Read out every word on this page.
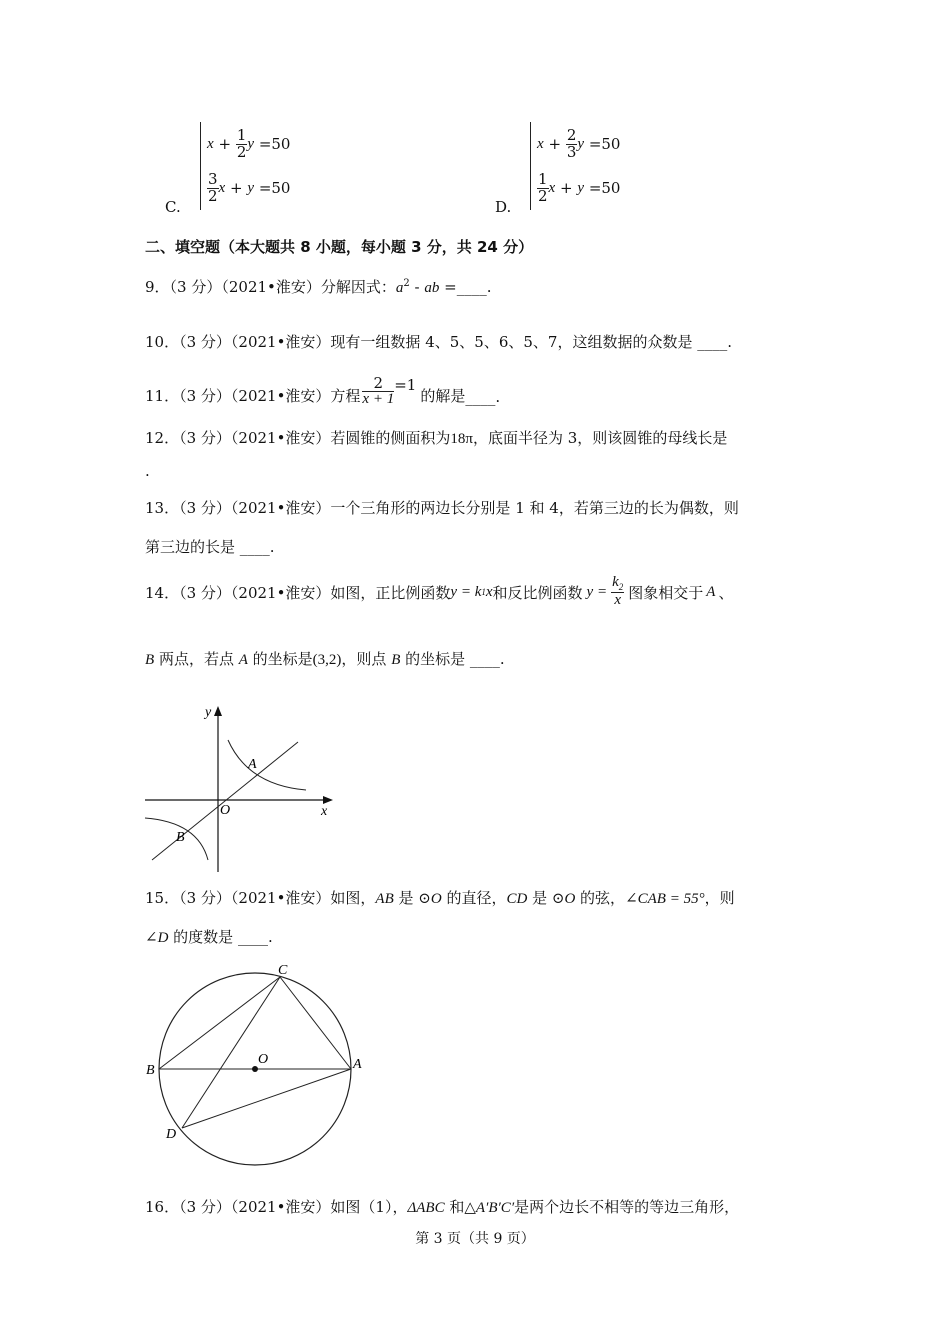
C.
x
+
$\frac{1}{2}$ y
=50
$\frac{3}{2}$ x
+
y
=50
D.
x
+
$\frac{2}{3}$ y
=50
$\frac{1}{2}$ x
+
y
=50
二、填空题（本大题共 8 小题，每小题 3 分，共 24 分）
9．（3 分）（2021•淮安）分解因式：$a^2$ - ab =____.
10．（3 分）（2021•淮安）现有一组数据 4、5、5、6、5、7，这组数据的众数是 ____.
11．（3 分）（2021•淮安）方程 $\frac{2}{x + 1} =1$
的解是 ____ .
12．（3 分）（2021•淮安）若圆锥的侧面积为18π，底面半径为 3，则该圆锥的母线长是
.
13．（3 分）（2021•淮安）一个三角形的两边长分别是 1 和 4，若第三边的长为偶数，则
第三边的长是 ____.
14．（3 分）（2021•淮安）如图，正比例函数 y = k 1 x 和反比例函数 $y = \frac{k_2}{x}$ 图象相交于 A 、
B 两点，若点 A 的坐标是(3,2)，则点 B 的坐标是 ____.
y
x
O
A
B
15．（3 分）（2021•淮安）如图，AB 是 ⊙O 的直径，CD 是 ⊙O 的弦，∠CAB = 55°，则
∠D 的度数是 ____.
C
O
B	A
D
16．（3 分）（2021•淮安）如图（1），ΔABC 和△A′B′C′是两个边长不相等的等边三角形，
第 3 页（共 9 页）
